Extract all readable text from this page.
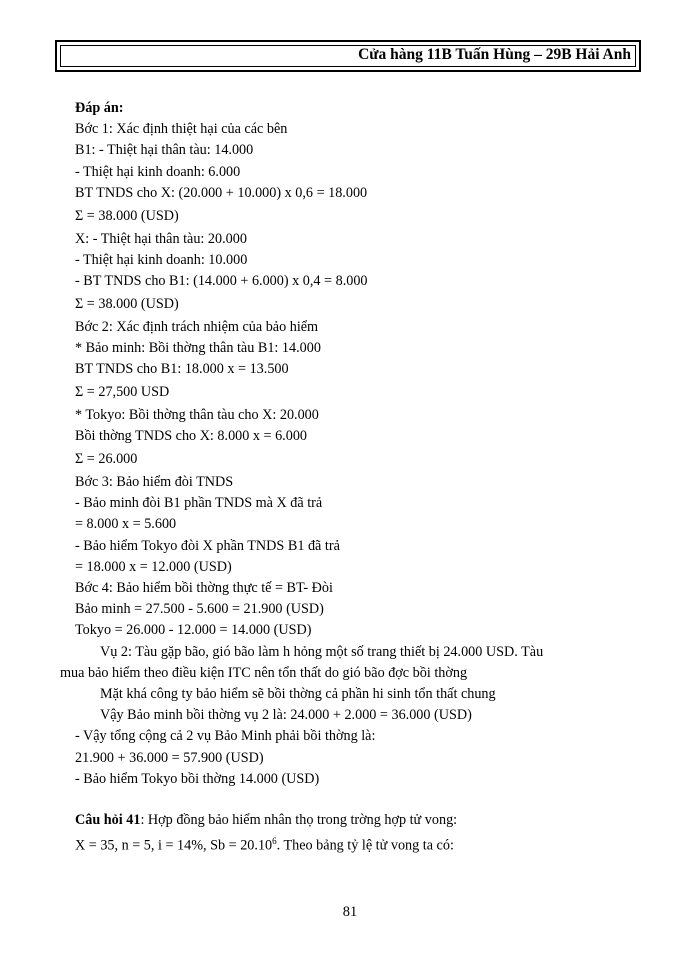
Cửa hàng 11B Tuấn Hùng – 29B Hải Anh
Đáp án:
Bớc 1: Xác định thiệt hại của các bên
B1: - Thiệt hại thân tàu: 14.000
- Thiệt hại kinh doanh: 6.000
BT TNDS cho X: (20.000 + 10.000) x 0,6 = 18.000
Σ = 38.000 (USD)
X: - Thiệt hại thân tàu: 20.000
- Thiệt hại kinh doanh: 10.000
- BT TNDS cho B1: (14.000 + 6.000) x 0,4 = 8.000
Σ = 38.000 (USD)
Bớc 2: Xác định trách nhiệm của bảo hiểm
* Bảo minh: Bồi thờng thân tàu B1: 14.000
BT TNDS cho B1: 18.000 x = 13.500
Σ = 27,500 USD
* Tokyo: Bồi thờng thân tàu cho X: 20.000
Bồi thờng TNDS cho X: 8.000 x = 6.000
Σ = 26.000
Bớc 3: Bảo hiểm đòi TNDS
- Bảo minh đòi B1 phần TNDS mà X đã trả
= 8.000 x = 5.600
- Bảo hiểm Tokyo đòi X phần TNDS B1 đã trả
= 18.000 x = 12.000 (USD)
Bớc 4: Bảo hiểm bồi thờng thực tế = BT- Đòi
Bảo minh = 27.500 - 5.600 = 21.900 (USD)
Tokyo = 26.000 - 12.000 = 14.000 (USD)
Vụ 2: Tàu gặp bão, gió bão làm h hỏng một số trang thiết bị 24.000 USD. Tàu
mua bảo hiểm theo điều kiện ITC nên tổn thất do gió bão đợc bồi thờng
Mặt khá công ty bảo hiểm sẽ bồi thờng cả phần hi sinh tổn thất chung
Vậy Bảo minh bồi thờng vụ 2 là: 24.000 + 2.000 = 36.000 (USD)
- Vậy tổng cộng cả 2 vụ Bảo Minh phải bồi thờng là:
21.900 + 36.000 = 57.900 (USD)
- Bảo hiểm Tokyo bồi thờng 14.000 (USD)
Câu hỏi 41: Hợp đồng bảo hiểm nhân thọ trong trờng hợp tử vong:
X = 35, n = 5, i = 14%, $Sb = 20.10^6$. Theo bảng tỷ lệ tử vong ta có:
81
